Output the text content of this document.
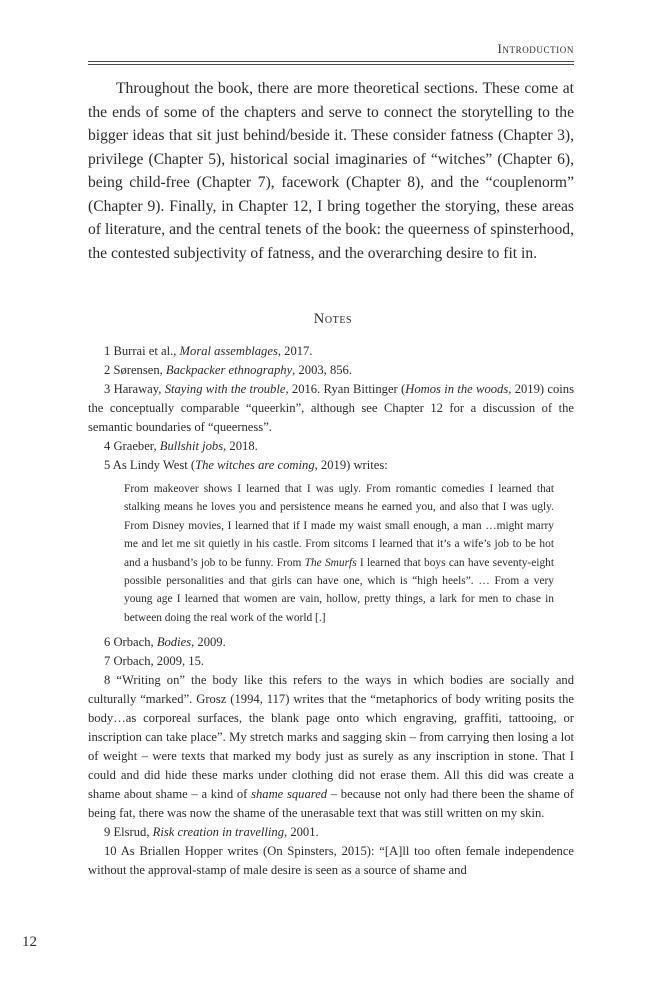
Introduction

Throughout the book, there are more theoretical sections. These come at the ends of some of the chapters and serve to connect the storytelling to the bigger ideas that sit just behind/beside it. These consider fatness (Chapter 3), privilege (Chapter 5), historical social imaginaries of “witches” (Chapter 6), being child-free (Chapter 7), facework (Chapter 8), and the “couplenorm” (Chapter 9). Finally, in Chapter 12, I bring together the storying, these areas of literature, and the central tenets of the book: the queerness of spinsterhood, the contested subjectivity of fatness, and the overarching desire to fit in.

Notes

1 Burrai et al., Moral assemblages, 2017.

2 Sørensen, Backpacker ethnography, 2003, 856.

3 Haraway, Staying with the trouble, 2016. Ryan Bittinger (Homos in the woods, 2019) coins the conceptually comparable “queerkin”, although see Chapter 12 for a discussion of the semantic boundaries of “queerness”.

4 Graeber, Bullshit jobs, 2018.

5 As Lindy West (The witches are coming, 2019) writes:

From makeover shows I learned that I was ugly. From romantic comedies I learned that stalking means he loves you and persistence means he earned you, and also that I was ugly. From Disney movies, I learned that if I made my waist small enough, a man …might marry me and let me sit quietly in his castle. From sitcoms I learned that it’s a wife’s job to be hot and a husband’s job to be funny. From The Smurfs I learned that boys can have seventy-eight possible personalities and that girls can have one, which is “high heels”. … From a very young age I learned that women are vain, hollow, pretty things, a lark for men to chase in between doing the real work of the world [.]

6 Orbach, Bodies, 2009.

7 Orbach, 2009, 15.

8 “Writing on” the body like this refers to the ways in which bodies are socially and culturally “marked”. Grosz (1994, 117) writes that the “metaphorics of body writing posits the body…as corporeal surfaces, the blank page onto which engraving, graffiti, tattooing, or inscription can take place”. My stretch marks and sagging skin – from carrying then losing a lot of weight – were texts that marked my body just as surely as any inscription in stone. That I could and did hide these marks under clothing did not erase them. All this did was create a shame about shame – a kind of shame squared – because not only had there been the shame of being fat, there was now the shame of the unerasable text that was still written on my skin.

9 Elsrud, Risk creation in travelling, 2001.

10 As Briallen Hopper writes (On Spinsters, 2015): “[A]ll too often female independence without the approval-stamp of male desire is seen as a source of shame and

12
